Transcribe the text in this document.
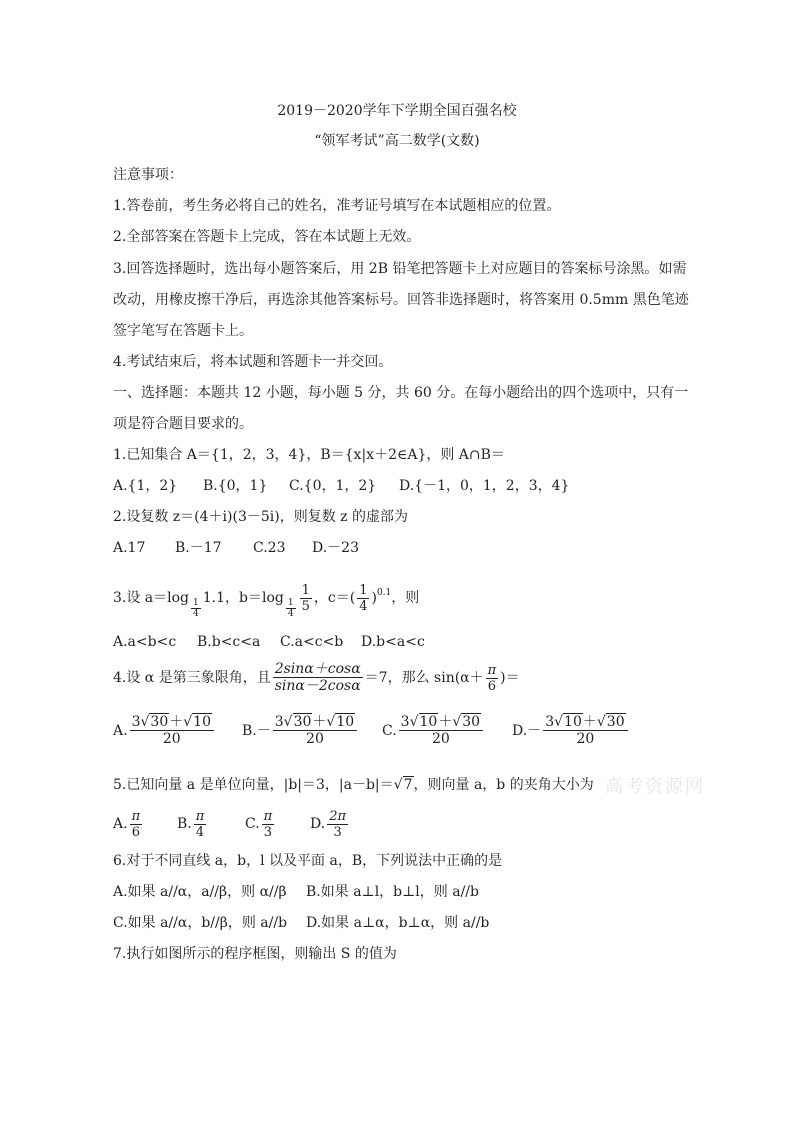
2019－2020学年下学期全国百强名校
“领军考试”高二数学(文数)
注意事项：
1.答卷前，考生务必将自己的姓名，准考证号填写在本试题相应的位置。
2.全部答案在答题卡上完成，答在本试题上无效。
3.回答选择题时，选出每小题答案后，用 2B 铅笔把答题卡上对应题目的答案标号涂黑。如需
改动，用橡皮擦干净后，再选涂其他答案标号。回答非选择题时，将答案用 0.5mm 黑色笔迹
签字笔写在答题卡上。
4.考试结束后，将本试题和答题卡一并交回。
一、选择题：本题共 12 小题，每小题 5 分，共 60 分。在每小题给出的四个选项中，只有一
项是符合题目要求的。
1.已知集合 A＝{1，2，3，4}，B＝{x|x＋2∈A}，则 A∩B＝
A.{1，2} B.{0，1} C.{0，1，2} D.{－1，0，1，2，3，4}
2.设复数 z＝(4＋i)(3－5i)，则复数 z 的虚部为
A.17 B.－17 C.23 D.－23
3.设 a＝log $_{\frac{1}{4}}$ 1.1，b＝log $_{\frac{1}{4}} \frac{1}{5}$ ，$c=( \frac{1}{4} )^{0.1}$，则
A.a<b<c B.b<c<a C.a<c<b D.b<a<c
4.设 α 是第三象限角，且 $\frac{2\sin\alpha+\cos\alpha}{\sin\alpha-2\cos\alpha} =7$，那么 $\sin(\alpha+ \frac{\pi}{6}$ )＝
A. $\frac{3√30+√10}{20} B.- \frac{3√30+√10}{20} C$. $\frac{3√10+√30}{20} D.- \frac{3√10+√30}{20}$
5.已知向量 a 是单位向量，|b|＝3，|a－b|＝√7，则向量 a，b 的夹角大小为
A. $\frac{\pi}{6} B$. $\frac{\pi}{4}$	C. $\frac{\pi}{3}$	D. $\frac{2\pi}{3}$
6.对于不同直线 a，b，l 以及平面 a，B，下列说法中正确的是
A.如果 a//α，a//β，则 α//β B.如果 a⊥l，b⊥l，则 a//b
C.如果 a//α，b//β，则 a//b D.如果 a⊥α，b⊥α，则 a//b
7.执行如图所示的程序框图，则输出 S 的值为
高考资源网
